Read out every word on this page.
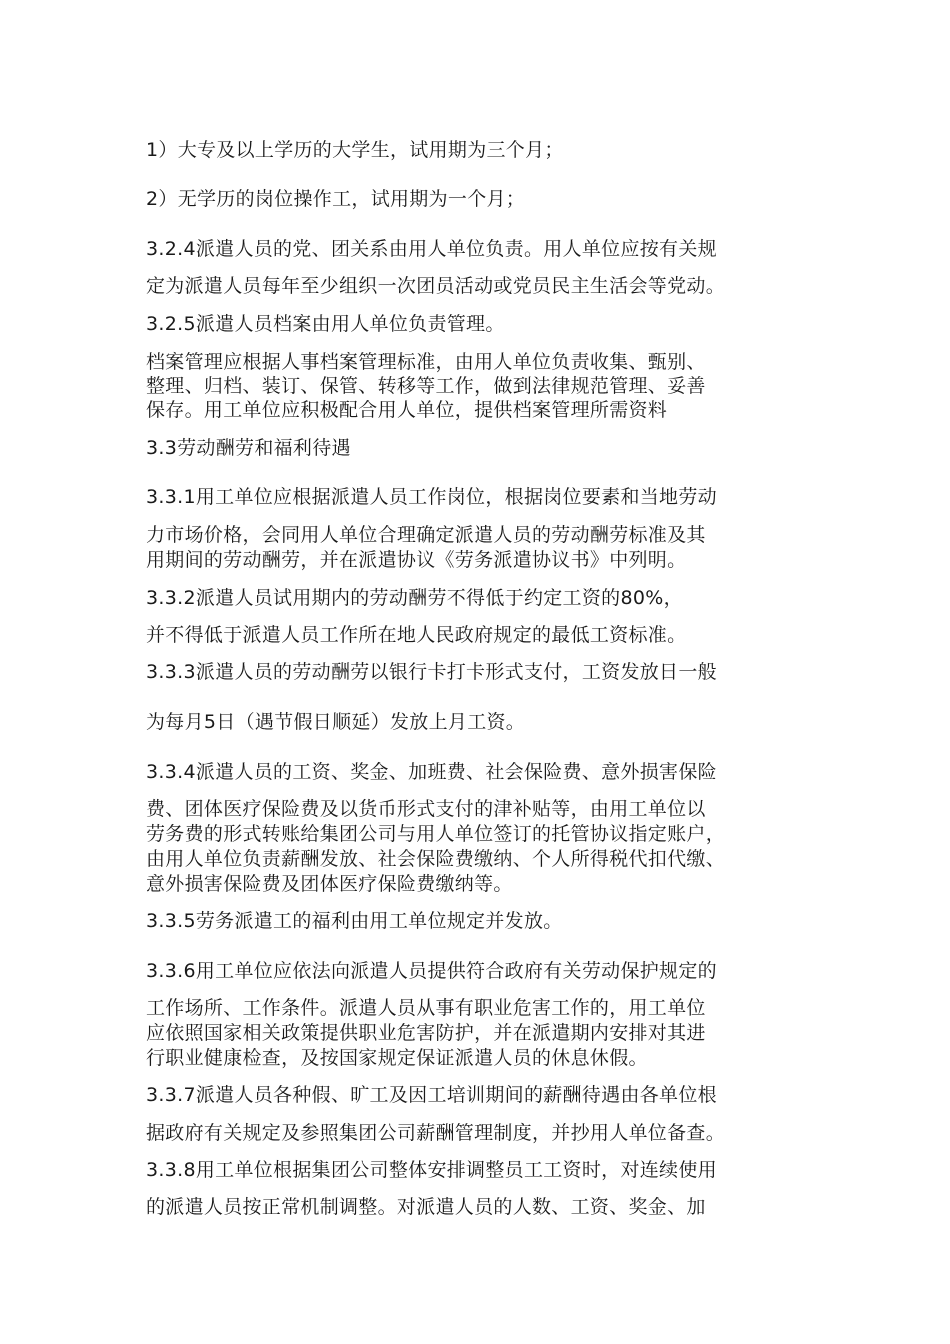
1）大专及以上学历的大学生，试用期为三个月；

2）无学历的岗位操作工，试用期为一个月；

3.2.4派遣人员的党、团关系由用人单位负责。用人单位应按有关规

定为派遣人员每年至少组织一次团员活动或党员民主生活会等党动。

3.2.5派遣人员档案由用人单位负责管理。

档案管理应根据人事档案管理标准，由用人单位负责收集、甄别、

整理、归档、装订、保管、转移等工作，做到法律规范管理、妥善

保存。用工单位应积极配合用人单位，提供档案管理所需资料

3.3劳动酬劳和福利待遇

3.3.1用工单位应根据派遣人员工作岗位，根据岗位要素和当地劳动

力市场价格，会同用人单位合理确定派遣人员的劳动酬劳标准及其

用期间的劳动酬劳，并在派遣协议《劳务派遣协议书》中列明。

3.3.2派遣人员试用期内的劳动酬劳不得低于约定工资的80%，

并不得低于派遣人员工作所在地人民政府规定的最低工资标准。

3.3.3派遣人员的劳动酬劳以银行卡打卡形式支付，工资发放日一般

为每月5日（遇节假日顺延）发放上月工资。

3.3.4派遣人员的工资、奖金、加班费、社会保险费、意外损害保险

费、团体医疗保险费及以货币形式支付的津补贴等，由用工单位以

劳务费的形式转账给集团公司与用人单位签订的托管协议指定账户，

由用人单位负责薪酬发放、社会保险费缴纳、个人所得税代扣代缴、

意外损害保险费及团体医疗保险费缴纳等。

3.3.5劳务派遣工的福利由用工单位规定并发放。

3.3.6用工单位应依法向派遣人员提供符合政府有关劳动保护规定的

工作场所、工作条件。派遣人员从事有职业危害工作的，用工单位

应依照国家相关政策提供职业危害防护，并在派遣期内安排对其进

行职业健康检查，及按国家规定保证派遣人员的休息休假。

3.3.7派遣人员各种假、旷工及因工培训期间的薪酬待遇由各单位根

据政府有关规定及参照集团公司薪酬管理制度，并抄用人单位备查。

3.3.8用工单位根据集团公司整体安排调整员工工资时，对连续使用

的派遣人员按正常机制调整。对派遣人员的人数、工资、奖金、加
